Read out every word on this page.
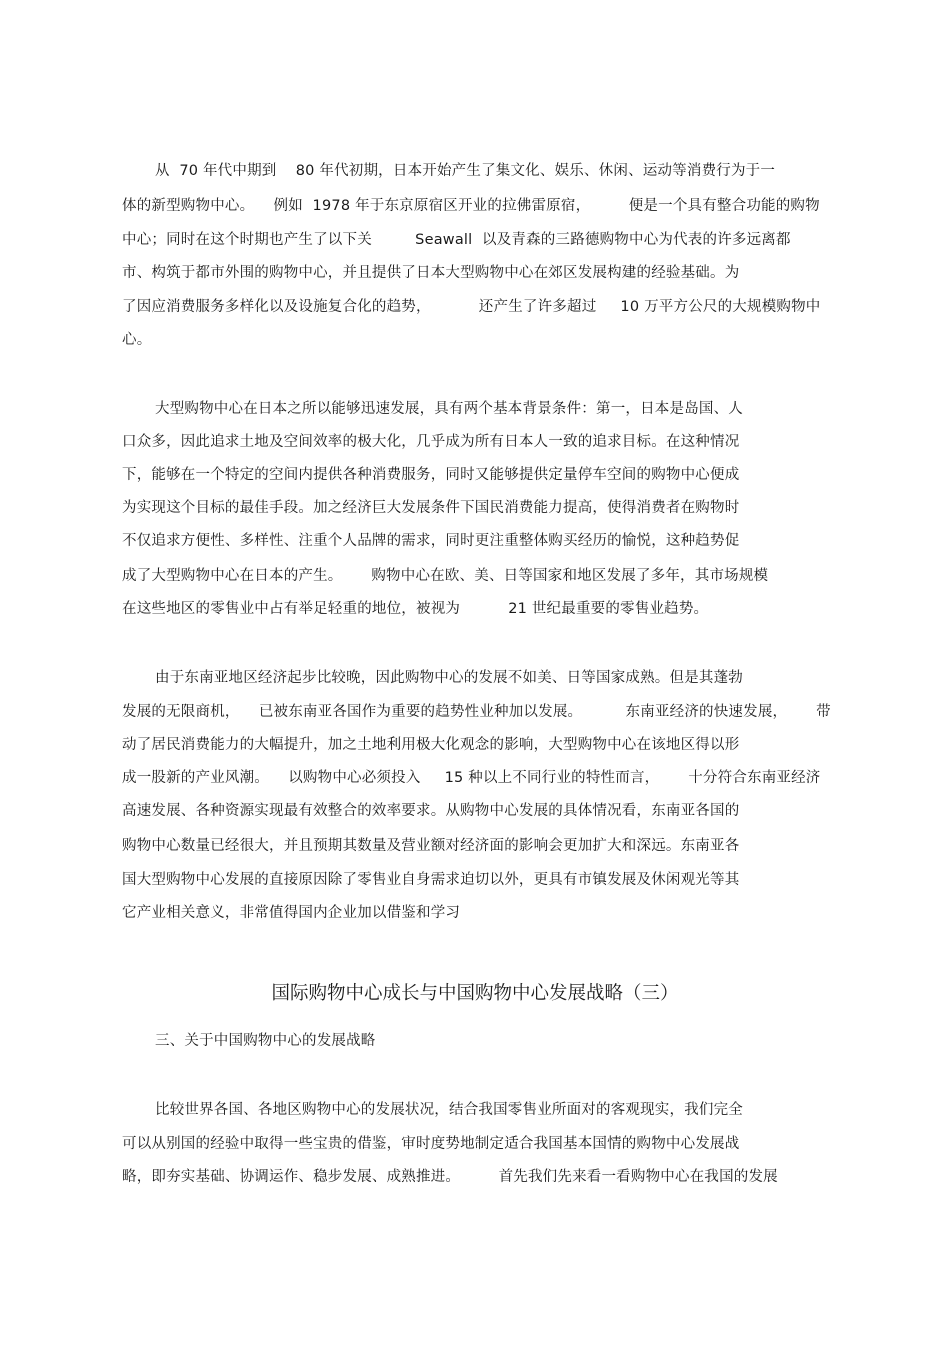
从  70 年代中期到    80 年代初期，日本开始产生了集文化、娱乐、休闲、运动等消费行为于一
体的新型购物中心。    例如  1978 年于东京原宿区开业的拉佛雷原宿，        便是一个具有整合功能的购物
中心；同时在这个时期也产生了以下关         Seawall  以及青森的三路德购物中心为代表的许多远离都
市、构筑于都市外围的购物中心，并且提供了日本大型购物中心在郊区发展构建的经验基础。为
了因应消费服务多样化以及设施复合化的趋势，          还产生了许多超过     10 万平方公尺的大规模购物中
心。
大型购物中心在日本之所以能够迅速发展，具有两个基本背景条件：第一，日本是岛国、人
口众多，因此追求土地及空间效率的极大化，几乎成为所有日本人一致的追求目标。在这种情况
下，能够在一个特定的空间内提供各种消费服务，同时又能够提供定量停车空间的购物中心便成
为实现这个目标的最佳手段。加之经济巨大发展条件下国民消费能力提高，使得消费者在购物时
不仅追求方便性、多样性、注重个人品牌的需求，同时更注重整体购买经历的愉悦，这种趋势促
成了大型购物中心在日本的产生。      购物中心在欧、美、日等国家和地区发展了多年，其市场规模
在这些地区的零售业中占有举足轻重的地位，被视为          21 世纪最重要的零售业趋势。
由于东南亚地区经济起步比较晚，因此购物中心的发展不如美、日等国家成熟。但是其蓬勃
发展的无限商机，    已被东南亚各国作为重要的趋势性业种加以发展。         东南亚经济的快速发展，      带
动了居民消费能力的大幅提升，加之土地利用极大化观念的影响，大型购物中心在该地区得以形
成一股新的产业风潮。    以购物中心必须投入     15 种以上不同行业的特性而言，      十分符合东南亚经济
高速发展、各种资源实现最有效整合的效率要求。从购物中心发展的具体情况看，东南亚各国的
购物中心数量已经很大，并且预期其数量及营业额对经济面的影响会更加扩大和深远。东南亚各
国大型购物中心发展的直接原因除了零售业自身需求迫切以外，更具有市镇发展及休闲观光等其
它产业相关意义，非常值得国内企业加以借鉴和学习
国际购物中心成长与中国购物中心发展战略（三）
三、关于中国购物中心的发展战略
比较世界各国、各地区购物中心的发展状况，结合我国零售业所面对的客观现实，我们完全
可以从别国的经验中取得一些宝贵的借鉴，审时度势地制定适合我国基本国情的购物中心发展战
略，即夯实基础、协调运作、稳步发展、成熟推进。        首先我们先来看一看购物中心在我国的发展
